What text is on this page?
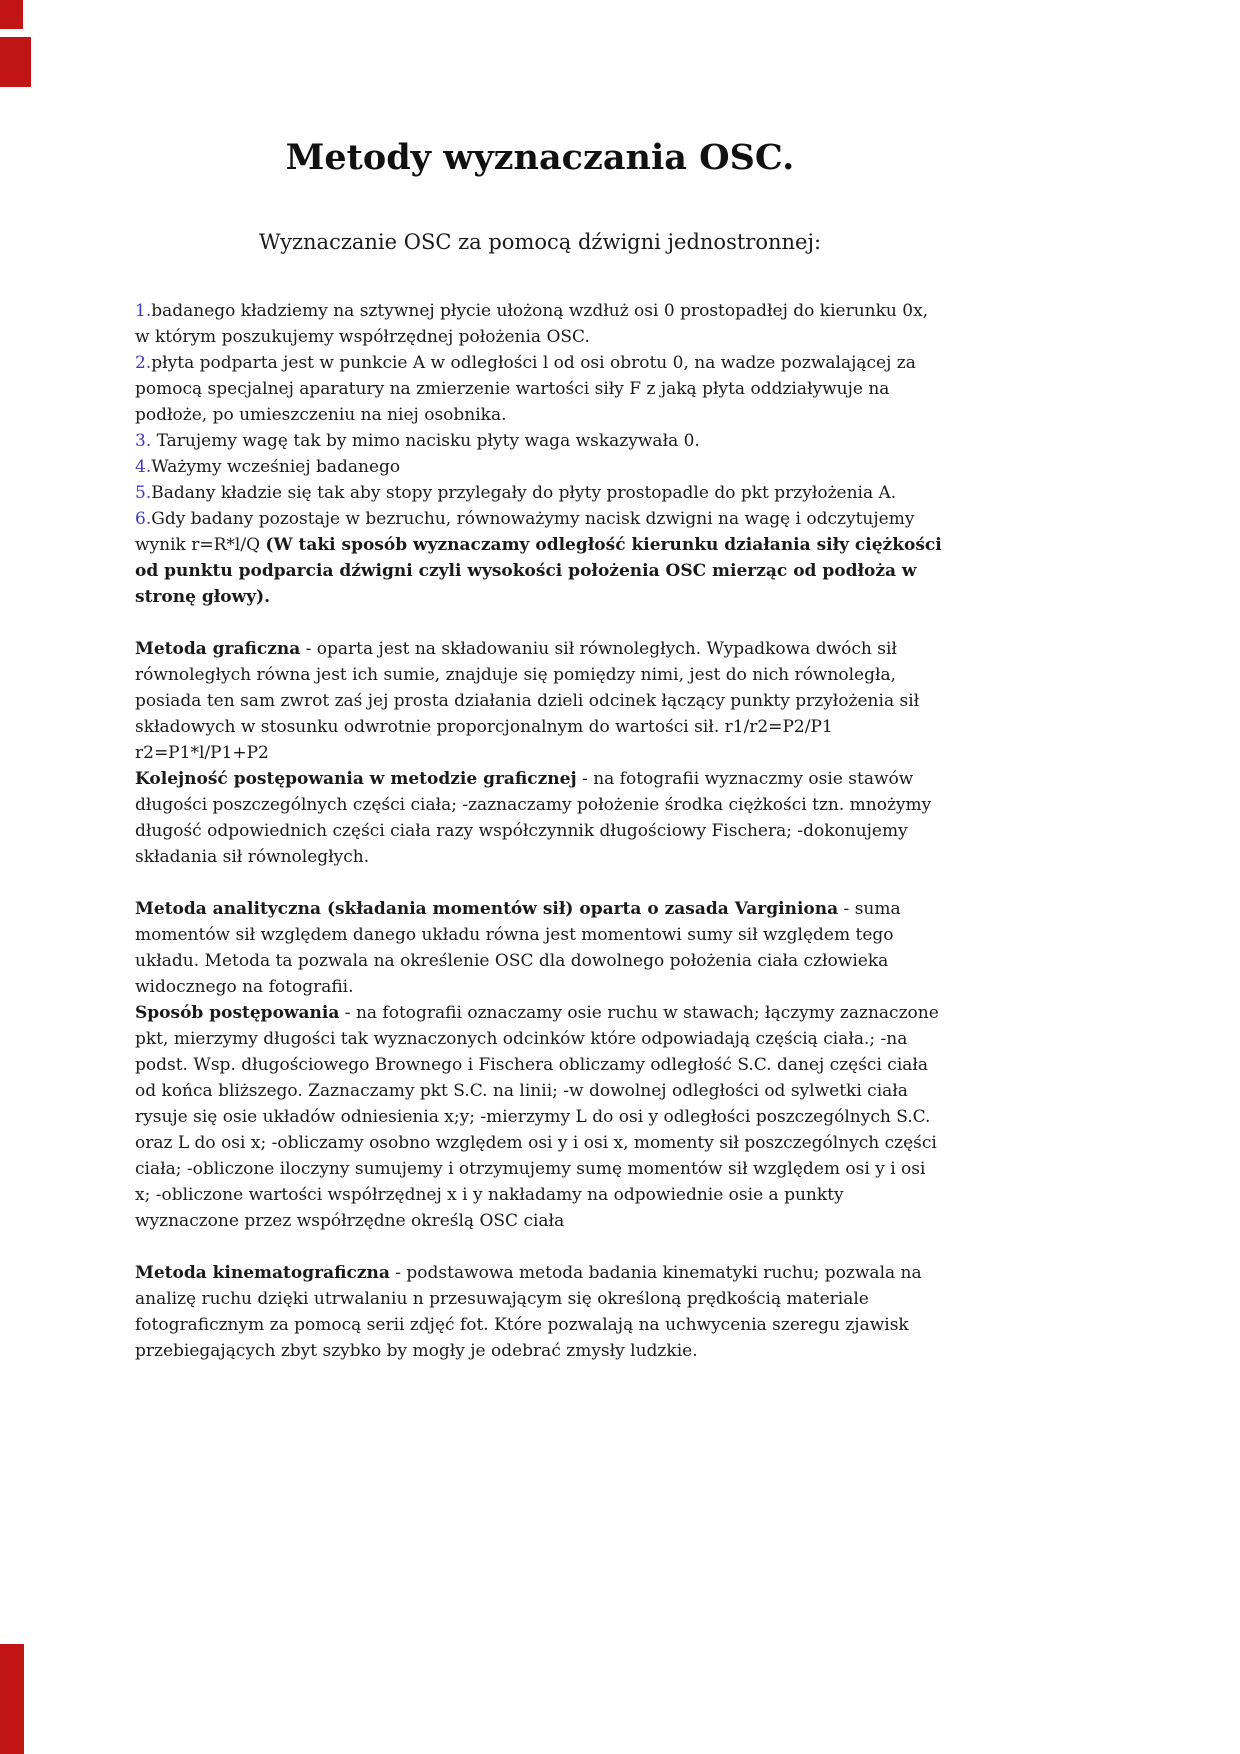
Metody wyznaczania OSC.
Wyznaczanie OSC za pomocą dźwigni jednostronnej:

1.badanego kładziemy na sztywnej płycie ułożoną wzdłuż osi 0 prostopadłej do kierunku 0x, w którym poszukujemy współrzędnej położenia OSC.

2.płyta podparta jest w punkcie A w odległości l od osi obrotu 0, na wadze pozwalającej za pomocą specjalnej aparatury na zmierzenie wartości siły F z jaką płyta oddziaływuje na podłoże, po umieszczeniu na niej osobnika.

3. Tarujemy wagę tak by mimo nacisku płyty waga wskazywała 0.

4.Ważymy wcześniej badanego

5.Badany kładzie się tak aby stopy przylegały do płyty prostopadle do pkt przyłożenia A.

6.Gdy badany pozostaje w bezruchu, równoważymy nacisk dzwigni na wagę i odczytujemy wynik r=R*l/Q (W taki sposób wyznaczamy odległość kierunku działania siły ciężkości od punktu podparcia dźwigni czyli wysokości położenia OSC mierząc od podłoża w stronę głowy).

Metoda graficzna - oparta jest na składowaniu sił równoległych. Wypadkowa dwóch sił równoległych równa jest ich sumie, znajduje się pomiędzy nimi, jest do nich równoległa, posiada ten sam zwrot zaś jej prosta działania dzieli odcinek łączący punkty przyłożenia sił składowych w stosunku odwrotnie proporcjonalnym do wartości sił. r1/r2=P2/P1 r2=P1*l/P1+P2
Kolejność postępowania w metodzie graficznej - na fotografii wyznaczmy osie stawów długości poszczególnych części ciała; -zaznaczamy położenie środka ciężkości tzn. mnożymy długość odpowiednich części ciała razy współczynnik długościowy Fischera; -dokonujemy składania sił równoległych.

Metoda analityczna (składania momentów sił) oparta o zasada Varginiona - suma momentów sił względem danego układu równa jest momentowi sumy sił względem tego układu. Metoda ta pozwala na określenie OSC dla dowolnego położenia ciała człowieka widocznego na fotografii.
Sposób postępowania - na fotografii oznaczamy osie ruchu w stawach; łączymy zaznaczone pkt, mierzymy długości tak wyznaczonych odcinków które odpowiadają częścią ciała.; -na podst. Wsp. długościowego Brownego i Fischera obliczamy odległość S.C. danej części ciała od końca bliższego. Zaznaczamy pkt S.C. na linii; -w dowolnej odległości od sylwetki ciała rysuje się osie układów odniesienia x;y; -mierzymy L do osi y odległości poszczególnych S.C. oraz L do osi x; -obliczamy osobno względem osi y i osi x, momenty sił poszczególnych części ciała; -obliczone iloczyny sumujemy i otrzymujemy sumę momentów sił względem osi y i osi x; -obliczone wartości współrzędnej x i y nakładamy na odpowiednie osie a punkty wyznaczone przez współrzędne określą OSC ciała

Metoda kinematograficzna - podstawowa metoda badania kinematyki ruchu; pozwala na analizę ruchu dzięki utrwalaniu n przesuwającym się określoną prędkością materiale fotograficznym za pomocą serii zdjęć fot. Które pozwalają na uchwycenia szeregu zjawisk przebiegających zbyt szybko by mogły je odebrać zmysły ludzkie.
